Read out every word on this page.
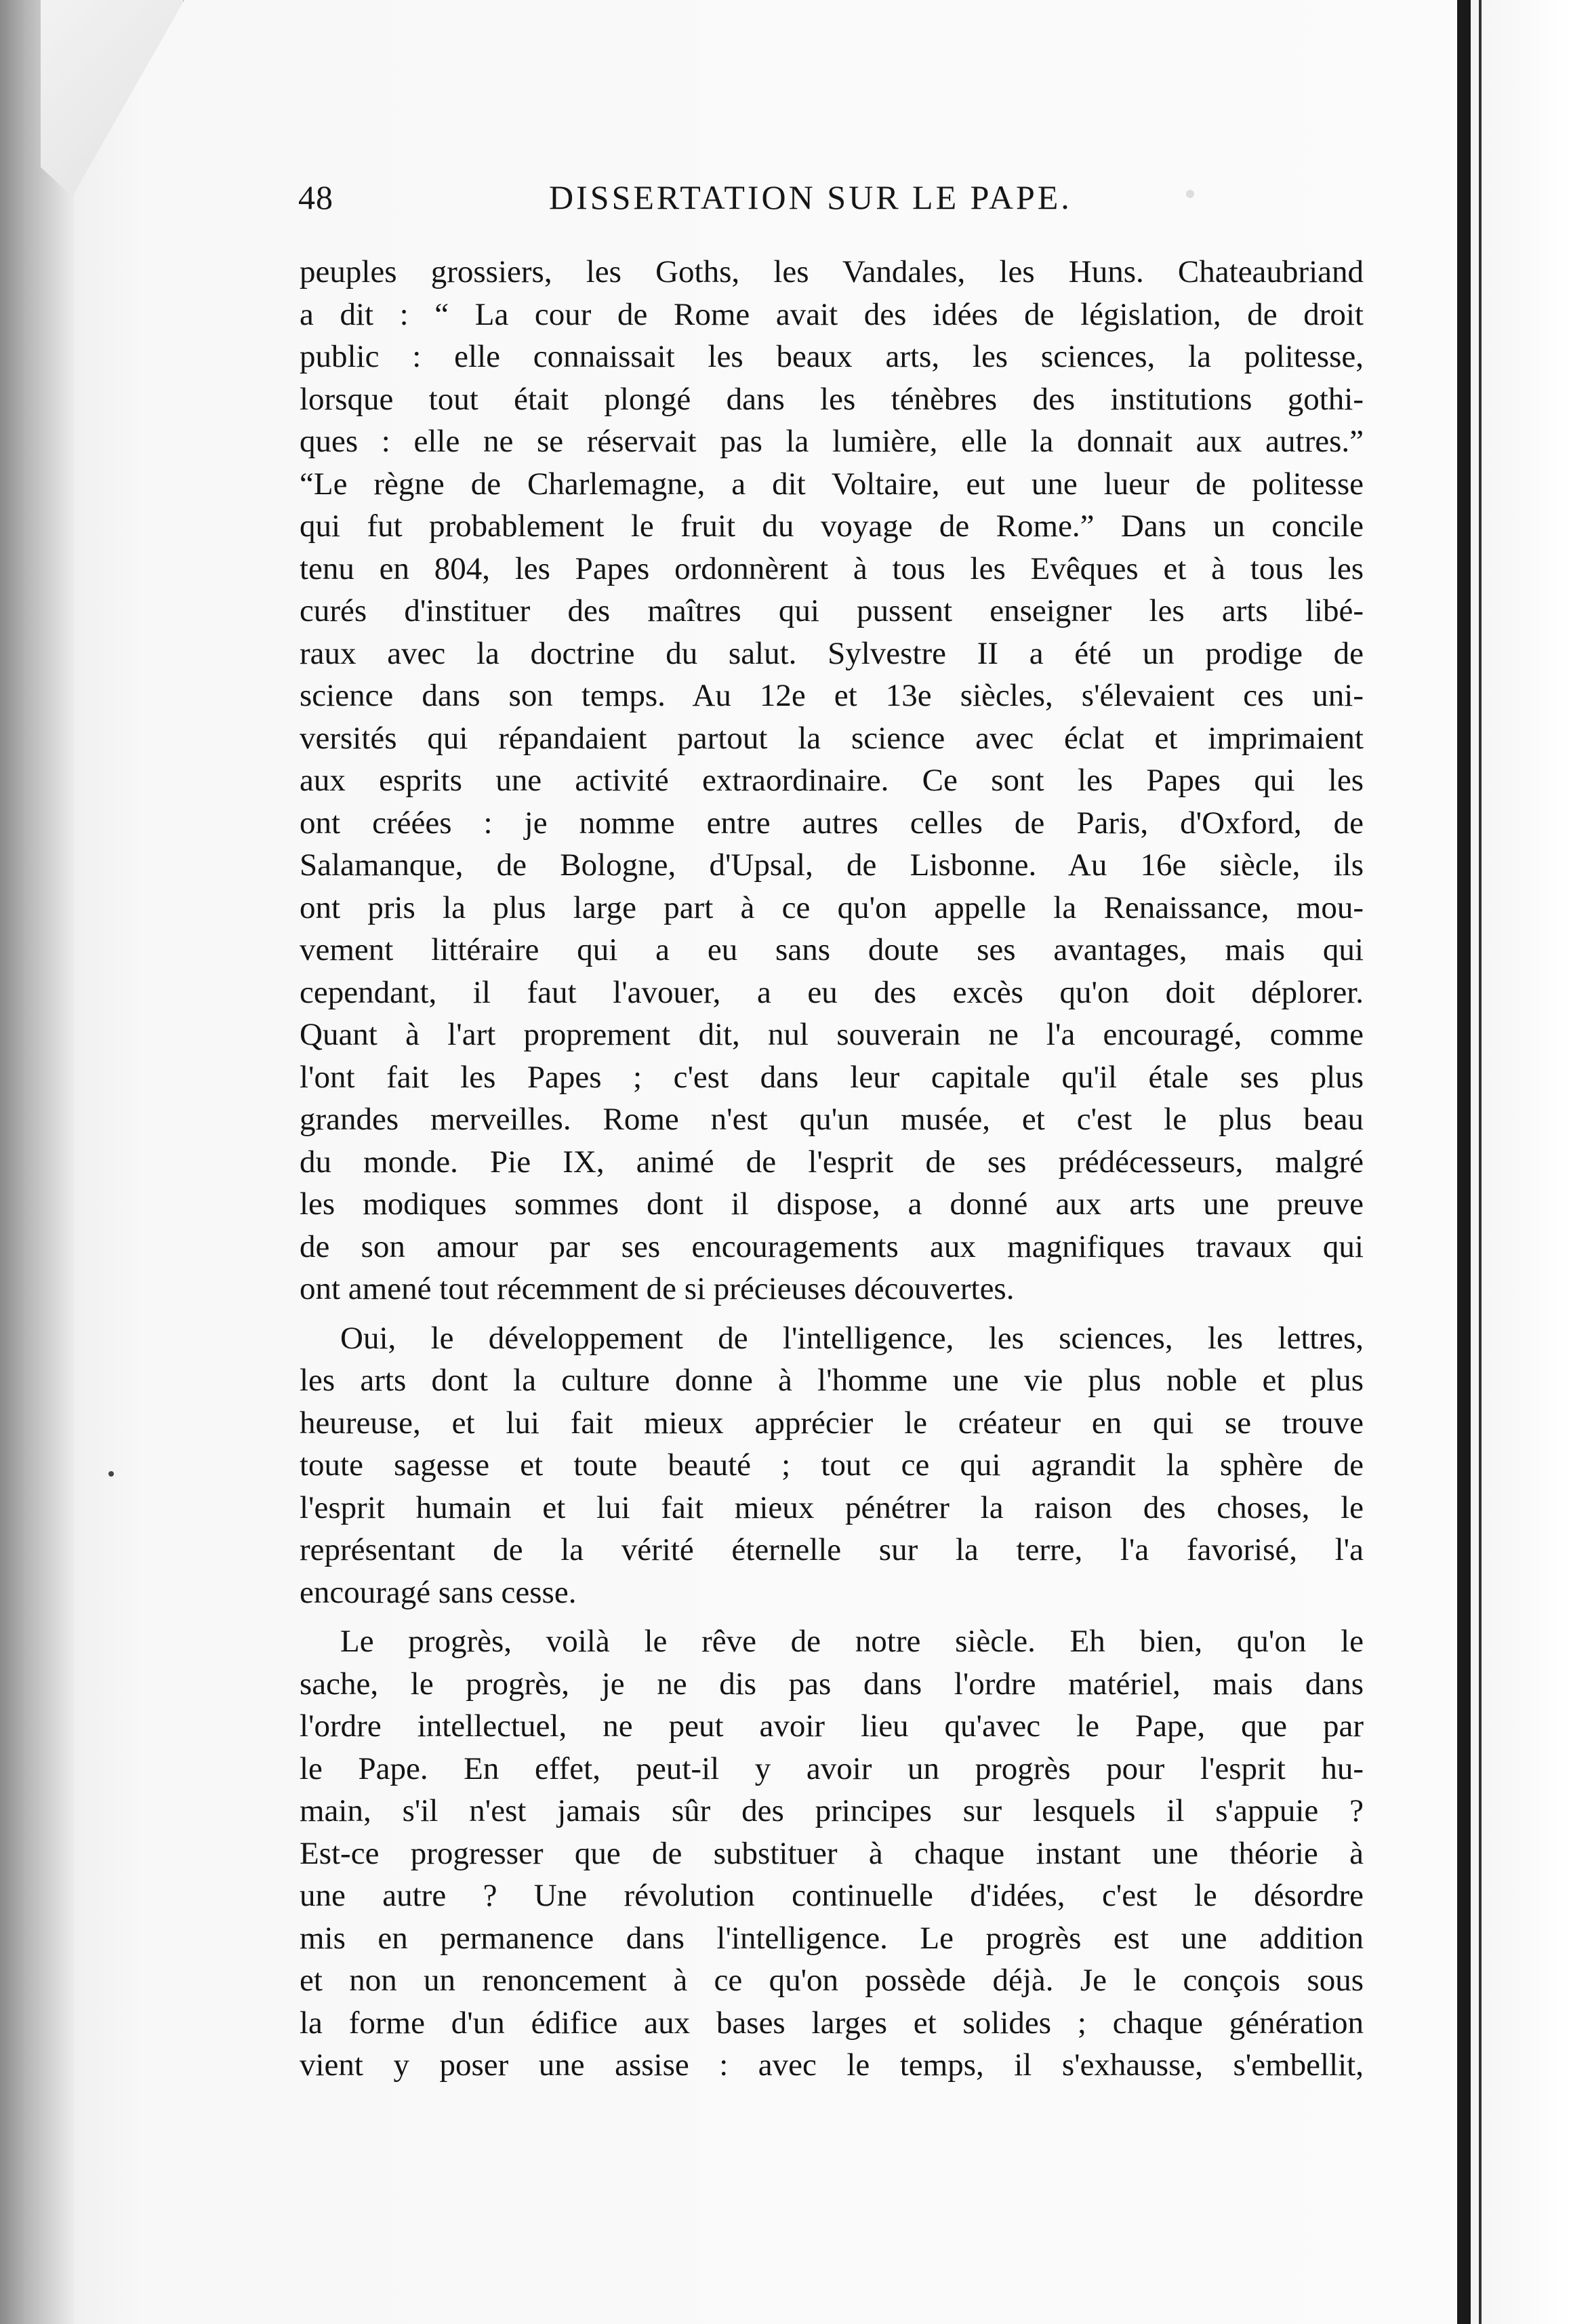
48	DISSERTATION SUR LE PAPE.
peuples grossiers, les Goths, les Vandales, les Huns. Chateaubriand
a dit : “ La cour de Rome avait des idées de législation, de droit
public : elle connaissait les beaux arts, les sciences, la politesse,
lorsque tout était plongé dans les ténèbres des institutions gothi-
ques : elle ne se réservait pas la lumière, elle la donnait aux autres.”
“Le règne de Charlemagne, a dit Voltaire, eut une lueur de politesse
qui fut probablement le fruit du voyage de Rome.” Dans un concile
tenu en 804, les Papes ordonnèrent à tous les Evêques et à tous les
curés d'instituer des maîtres qui pussent enseigner les arts libé-
raux avec la doctrine du salut. Sylvestre II a été un prodige de
science dans son temps. Au 12e et 13e siècles, s'élevaient ces uni-
versités qui répandaient partout la science avec éclat et imprimaient
aux esprits une activité extraordinaire. Ce sont les Papes qui les
ont créées : je nomme entre autres celles de Paris, d'Oxford, de
Salamanque, de Bologne, d'Upsal, de Lisbonne. Au 16e siècle, ils
ont pris la plus large part à ce qu'on appelle la Renaissance, mou-
vement littéraire qui a eu sans doute ses avantages, mais qui
cependant, il faut l'avouer, a eu des excès qu'on doit déplorer.
Quant à l'art proprement dit, nul souverain ne l'a encouragé, comme
l'ont fait les Papes ; c'est dans leur capitale qu'il étale ses plus
grandes merveilles. Rome n'est qu'un musée, et c'est le plus beau
du monde. Pie IX, animé de l'esprit de ses prédécesseurs, malgré
les modiques sommes dont il dispose, a donné aux arts une preuve
de son amour par ses encouragements aux magnifiques travaux qui
ont amené tout récemment de si précieuses découvertes.
Oui, le développement de l'intelligence, les sciences, les lettres,
les arts dont la culture donne à l'homme une vie plus noble et plus
heureuse, et lui fait mieux apprécier le créateur en qui se trouve
toute sagesse et toute beauté ; tout ce qui agrandit la sphère de
l'esprit humain et lui fait mieux pénétrer la raison des choses, le
représentant de la vérité éternelle sur la terre, l'a favorisé, l'a
encouragé sans cesse.
Le progrès, voilà le rêve de notre siècle. Eh bien, qu'on le
sache, le progrès, je ne dis pas dans l'ordre matériel, mais dans
l'ordre intellectuel, ne peut avoir lieu qu'avec le Pape, que par
le Pape. En effet, peut-il y avoir un progrès pour l'esprit hu-
main, s'il n'est jamais sûr des principes sur lesquels il s'appuie ?
Est-ce progresser que de substituer à chaque instant une théorie à
une autre ? Une révolution continuelle d'idées, c'est le désordre
mis en permanence dans l'intelligence. Le progrès est une addition
et non un renoncement à ce qu'on possède déjà. Je le conçois sous
la forme d'un édifice aux bases larges et solides ; chaque génération
vient y poser une assise : avec le temps, il s'exhausse, s'embellit,
